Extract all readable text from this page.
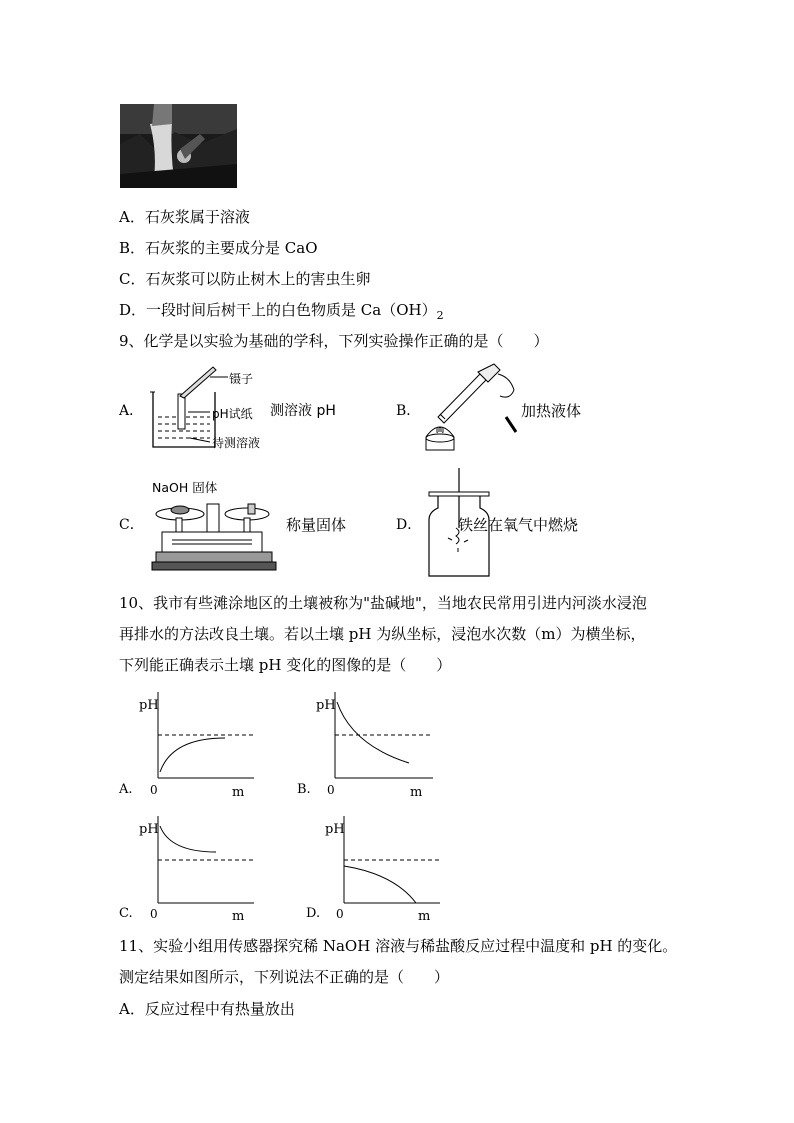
A．石灰浆属于溶液
B．石灰浆的主要成分是 CaO
C．石灰浆可以防止树木上的害虫生卵
D．一段时间后树干上的白色物质是 $Ca(OH)_2$
9、化学是以实验为基础的学科，下列实验操作正确的是（　　）
A．
镊子
pH试纸
待测溶液
测溶液 pH	B．	加热液体
C．
NaOH 固体
称量固体	D． 铁丝在氧气中燃烧
10、我市有些滩涂地区的土壤被称为"盐碱地"，当地农民常用引进内河淡水浸泡
再排水的方法改良土壤。若以土壤 pH 为纵坐标，浸泡水次数（m）为横坐标，
下列能正确表示土壤 pH 变化的图像的是（　　）
A.
pH
0	m	B.
pH
0	m
C.
pH
0	m	D.
pH
0	m
11、实验小组用传感器探究稀 NaOH 溶液与稀盐酸反应过程中温度和 pH 的变化。
测定结果如图所示，下列说法不正确的是（　　）
A．反应过程中有热量放出
